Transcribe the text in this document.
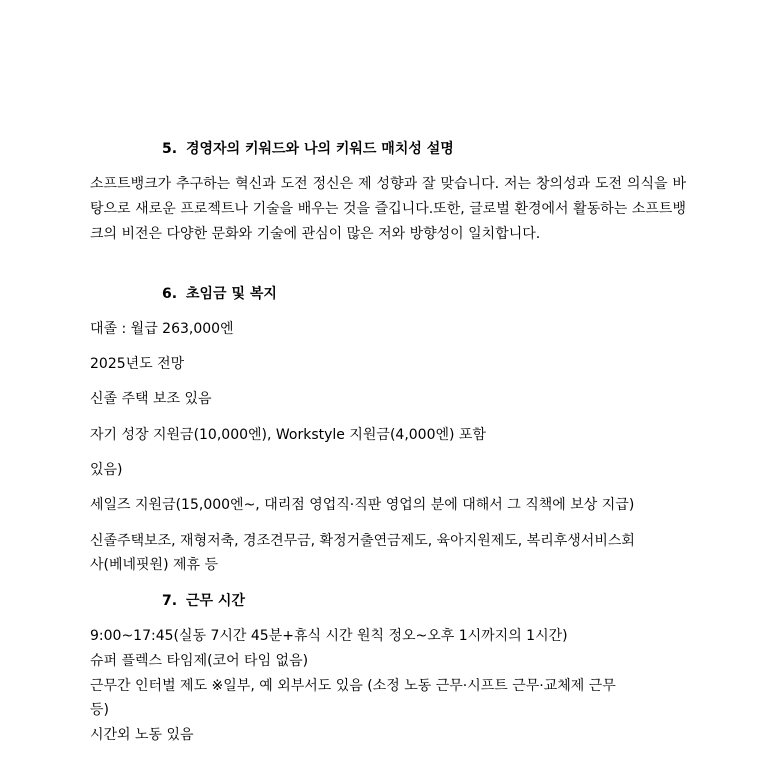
5. 경영자의 키워드와 나의 키워드 매치성 설명
소프트뱅크가 추구하는 혁신과 도전 정신은 제 성향과 잘 맞습니다. 저는 창의성과 도전 의식을 바탕으로 새로운 프로젝트나 기술을 배우는 것을 즐깁니다.또한, 글로벌 환경에서 활동하는 소프트뱅크의 비전은 다양한 문화와 기술에 관심이 많은 저와 방향성이 일치합니다.
6. 초임금 및 복지
대졸 : 월급 263,000엔
2025년도 전망
신졸 주택 보조 있음
자기 성장 지원금(10,000엔), Workstyle 지원금(4,000엔) 포함
있음)
세일즈 지원금(15,000엔~, 대리점 영업직·직판 영업의 분에 대해서 그 직책에 보상 지급)
신졸주택보조, 재형저축, 경조견무금, 확정거출연금제도, 육아지원제도, 복리후생서비스회
사(베네핏원) 제휴 등
7. 근무 시간
9:00~17:45(실동 7시간 45분+휴식 시간 원칙 정오~오후 1시까지의 1시간)
슈퍼 플렉스 타임제(코어 타임 없음)
근무간 인터벌 제도 ※일부, 예 외부서도 있음 (소정 노동 근무·시프트 근무·교체제 근무
등)
시간외 노동 있음
